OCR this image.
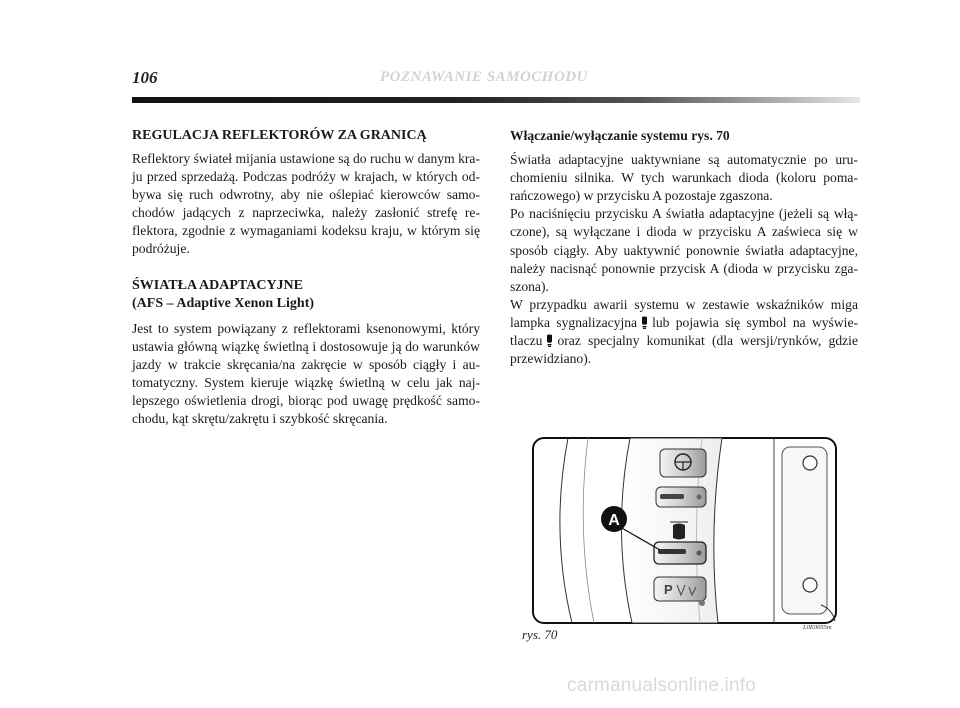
106	POZNAWANIE SAMOCHODU
REGULACJA REFLEKTORÓW ZA GRANICĄ

Reflektory świateł mijania ustawione są do ruchu w danym kraju przed sprzedażą. Podczas podróży w krajach, w których odbywa się ruch odwrotny, aby nie oślepiać kierowców samochodów jadących z naprzeciwka, należy zasłonić strefę reflektora, zgodnie z wymaganiami kodeksu kraju, w którym się podróżuje.

ŚWIATŁA ADAPTACYJNE
(AFS – Adaptive Xenon Light)

Jest to system powiązany z reflektorami ksenonowymi, który ustawia główną wiązkę świetlną i dostosowuje ją do warunków jazdy w trakcie skręcania/na zakręcie w sposób ciągły i automatyczny. System kieruje wiązkę świetlną w celu jak najlepszego oświetlenia drogi, biorąc pod uwagę prędkość samochodu, kąt skrętu/zakrętu i szybkość skręcania.

Włączanie/wyłączanie systemu rys. 70

Światła adaptacyjne uaktywniane są automatycznie po uruchomieniu silnika. W tych warunkach dioda (koloru pomarańczowego) w przycisku A pozostaje zgaszona.

Po naciśnięciu przycisku A światła adaptacyjne (jeżeli są włączone), są wyłączane i dioda w przycisku A zaświeca się w sposób ciągły. Aby uaktywnić ponownie światła adaptacyjne, należy nacisnąć ponownie przycisk A (dioda w przycisku zgaszona).

W przypadku awarii systemu w zestawie wskaźników miga lampka sygnalizacyjna lub pojawia się symbol na wyświetlaczu oraz specjalny komunikat (dla wersji/rynków, gdzie przewidziano).

P
A
rys. 70	L0E0055m
carmanualsonline.info
